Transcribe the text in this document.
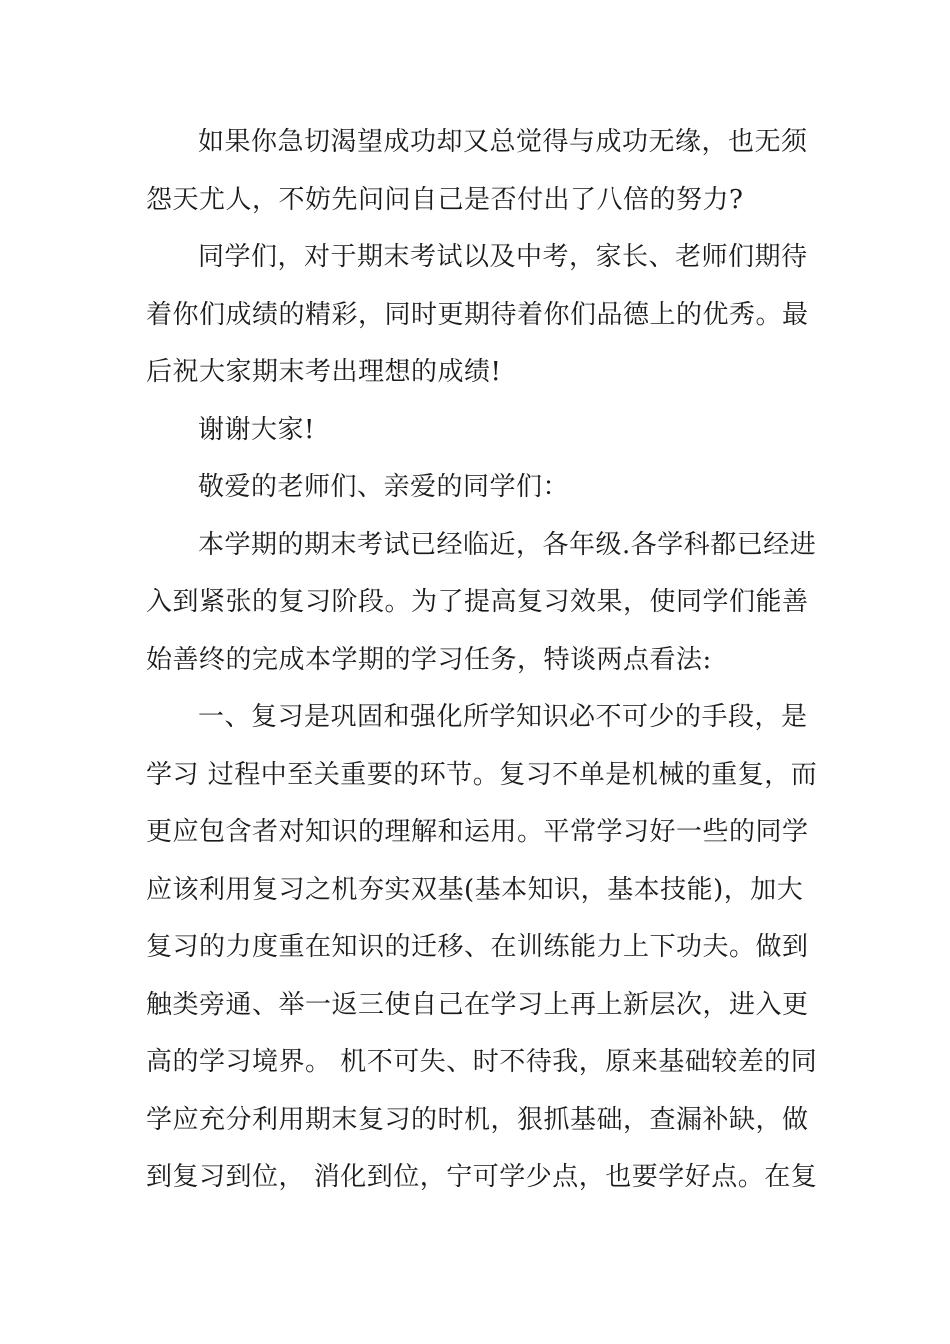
如果你急切渴望成功却又总觉得与成功无缘，也无须
怨天尤人，不妨先问问自己是否付出了八倍的努力?
同学们，对于期末考试以及中考，家长、老师们期待
着你们成绩的精彩，同时更期待着你们品德上的优秀。最
后祝大家期末考出理想的成绩!
谢谢大家!
敬爱的老师们、亲爱的同学们：
本学期的期末考试已经临近，各年级.各学科都已经进
入到紧张的复习阶段。为了提高复习效果，使同学们能善
始善终的完成本学期的学习任务，特谈两点看法:
一、复习是巩固和强化所学知识必不可少的手段，是
学习 过程中至关重要的环节。复习不单是机械的重复，而
更应包含者对知识的理解和运用。平常学习好一些的同学
应该利用复习之机夯实双基(基本知识，基本技能)，加大
复习的力度重在知识的迁移、在训练能力上下功夫。做到
触类旁通、举一返三使自己在学习上再上新层次，进入更
高的学习境界。 机不可失、时不待我，原来基础较差的同
学应充分利用期末复习的时机，狠抓基础，查漏补缺，做
到复习到位， 消化到位，宁可学少点，也要学好点。在复
